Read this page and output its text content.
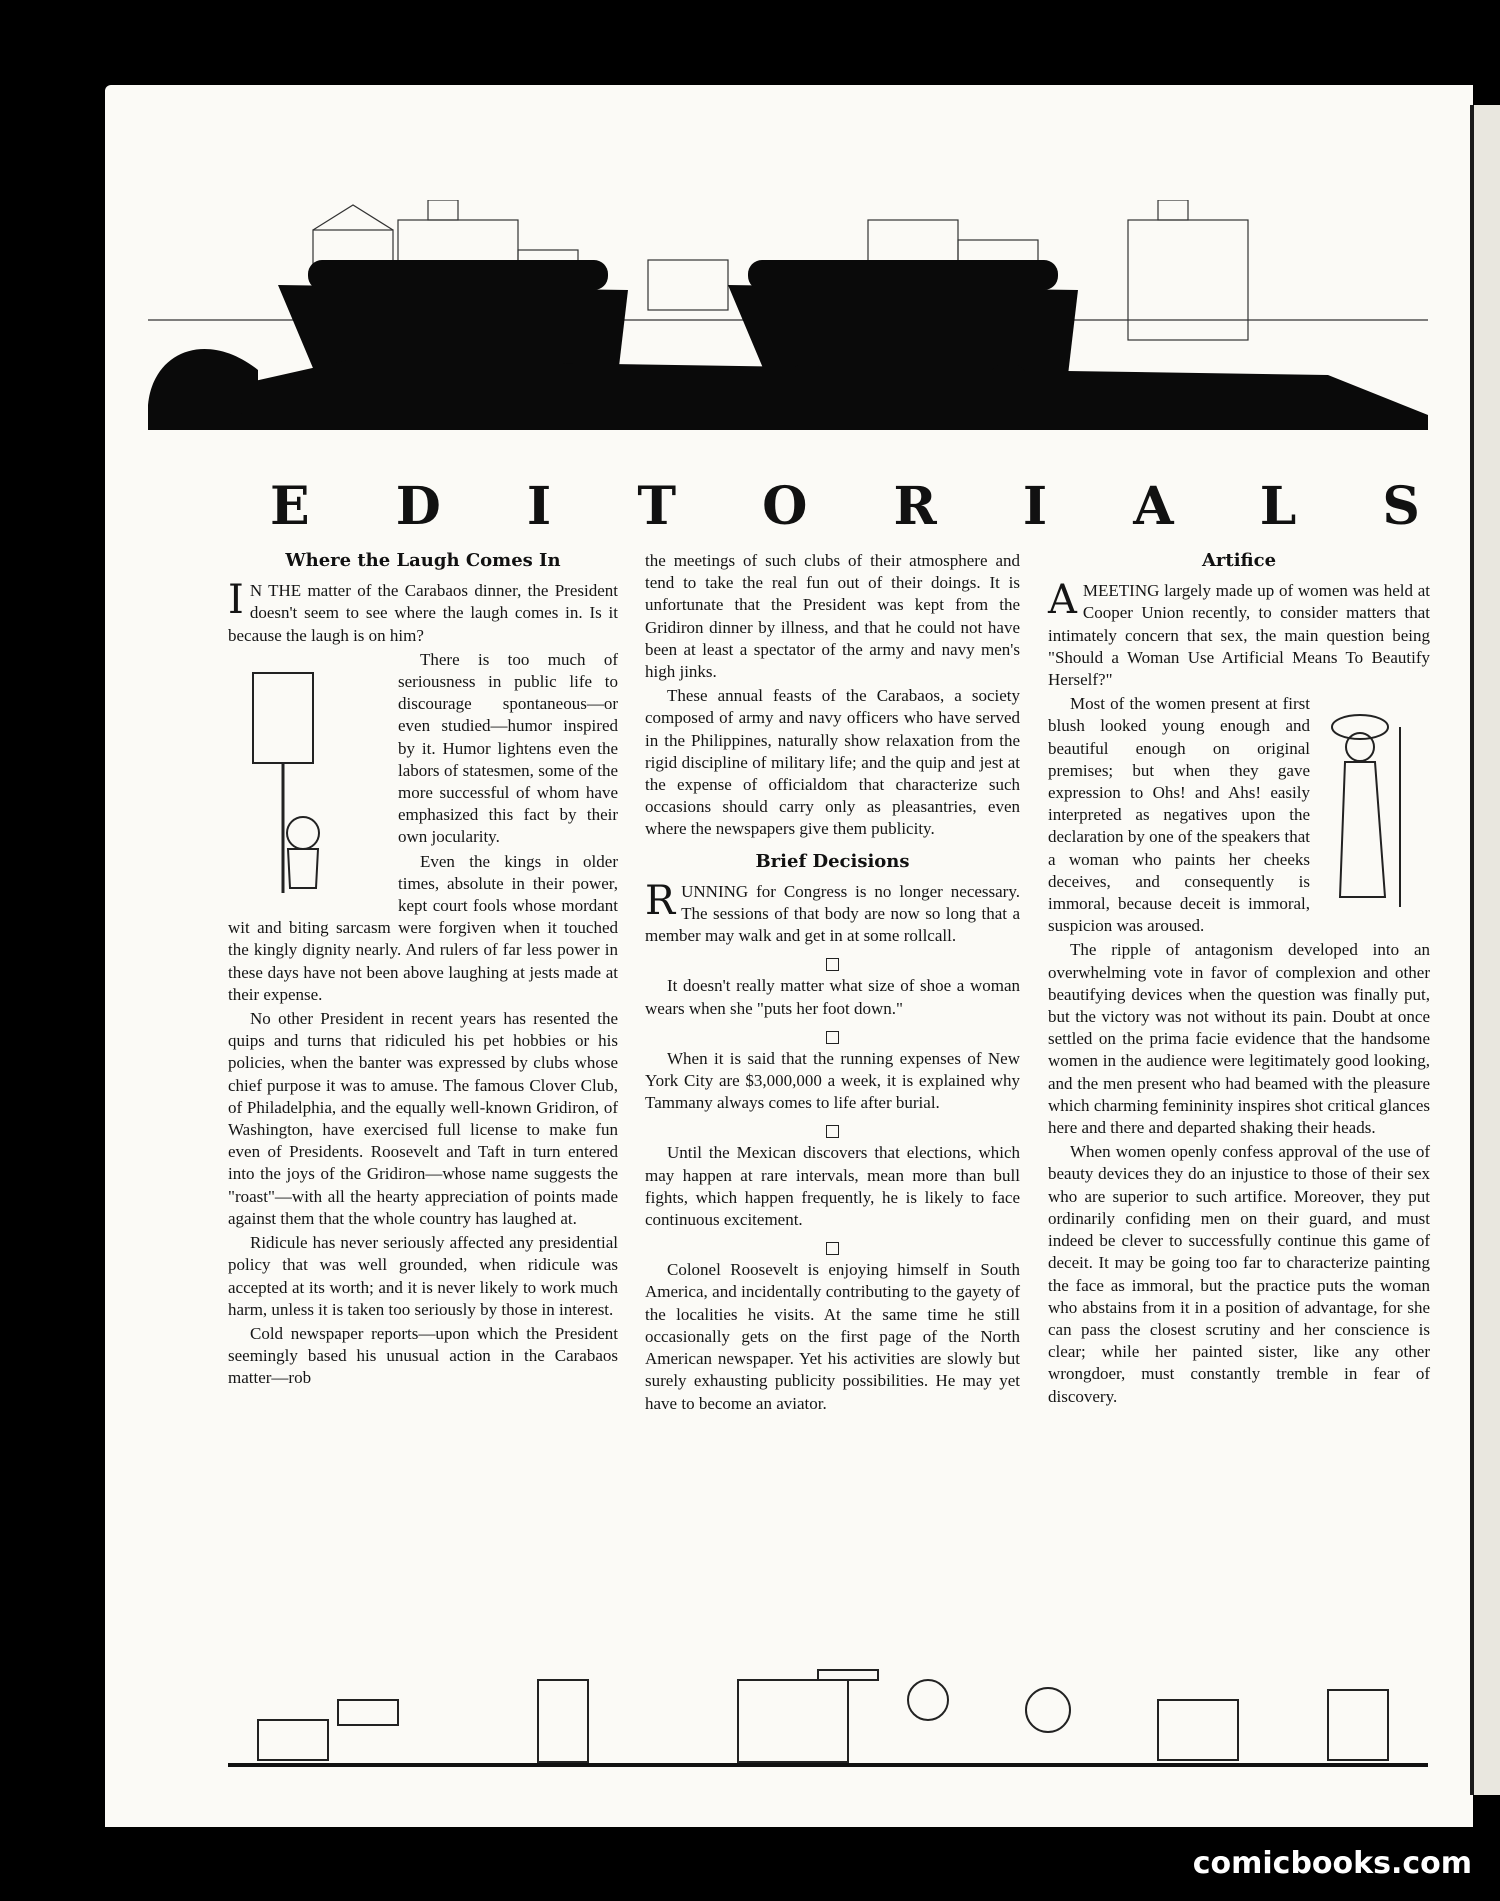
E D I T O R I A L S
Where the Laugh Comes In

I N THE matter of the Carabaos dinner, the President doesn't seem to see where the laugh comes in. Is it because the laugh is on him?

There is too much of seriousness in public life to discourage spontaneous—or even studied—humor inspired by it. Humor lightens even the labors of statesmen, some of the more successful of whom have emphasized this fact by their own jocularity.

Even the kings in older times, absolute in their power, kept court fools whose mordant wit and biting sarcasm were forgiven when it touched the kingly dignity nearly. And rulers of far less power in these days have not been above laughing at jests made at their expense.

No other President in recent years has resented the quips and turns that ridiculed his pet hobbies or his policies, when the banter was expressed by clubs whose chief purpose it was to amuse. The famous Clover Club, of Philadelphia, and the equally well-known Gridiron, of Washington, have exercised full license to make fun even of Presidents. Roosevelt and Taft in turn entered into the joys of the Gridiron—whose name suggests the "roast"—with all the hearty appreciation of points made against them that the whole country has laughed at.

Ridicule has never seriously affected any presidential policy that was well grounded, when ridicule was accepted at its worth; and it is never likely to work much harm, unless it is taken too seriously by those in interest.

Cold newspaper reports—upon which the President seemingly based his unusual action in the Carabaos matter—rob

the meetings of such clubs of their atmosphere and tend to take the real fun out of their doings. It is unfortunate that the President was kept from the Gridiron dinner by illness, and that he could not have been at least a spectator of the army and navy men's high jinks.

These annual feasts of the Carabaos, a society composed of army and navy officers who have served in the Philippines, naturally show relaxation from the rigid discipline of military life; and the quip and jest at the expense of officialdom that characterize such occasions should carry only as pleasantries, even where the newspapers give them publicity.

Brief Decisions

RUNNING for Congress is no longer necessary. The sessions of that body are now so long that a member may walk and get in at some rollcall.

It doesn't really matter what size of shoe a woman wears when she "puts her foot down."

When it is said that the running expenses of New York City are $3,000,000 a week, it is explained why Tammany always comes to life after burial.

Until the Mexican discovers that elections, which may happen at rare intervals, mean more than bull fights, which happen frequently, he is likely to face continuous excitement.

Colonel Roosevelt is enjoying himself in South America, and incidentally contributing to the gayety of the localities he visits. At the same time he still occasionally gets on the first page of the North American newspaper. Yet his activities are slowly but surely exhausting publicity possibilities. He may yet have to become an aviator.

Artifice

AMEETING largely made up of women was held at Cooper Union recently, to consider matters that intimately concern that sex, the main question being "Should a Woman Use Artificial Means To Beautify Herself?"

Most of the women present at first blush looked young enough and beautiful enough on original premises; but when they gave expression to Ohs! and Ahs! easily interpreted as negatives upon the declaration by one of the speakers that a woman who paints her cheeks deceives, and consequently is immoral, because deceit is immoral, suspicion was aroused.

The ripple of antagonism developed into an overwhelming vote in favor of complexion and other beautifying devices when the question was finally put, but the victory was not without its pain. Doubt at once settled on the prima facie evidence that the handsome women in the audience were legitimately good looking, and the men present who had beamed with the pleasure which charming femininity inspires shot critical glances here and there and departed shaking their heads.

When women openly confess approval of the use of beauty devices they do an injustice to those of their sex who are superior to such artifice. Moreover, they put ordinarily confiding men on their guard, and must indeed be clever to successfully continue this game of deceit. It may be going too far to characterize painting the face as immoral, but the practice puts the woman who abstains from it in a position of advantage, for she can pass the closest scrutiny and her conscience is clear; while her painted sister, like any other wrongdoer, must constantly tremble in fear of discovery.

comicbooks.com
